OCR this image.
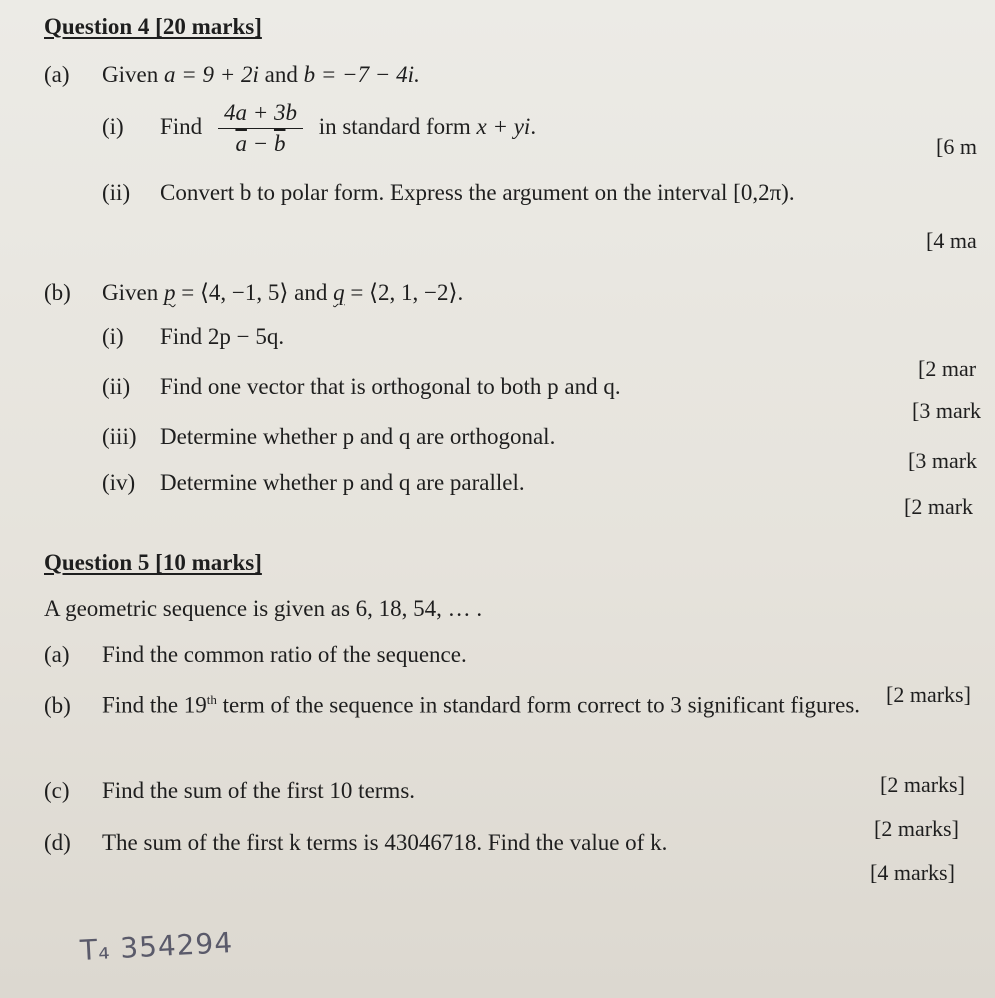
Question 4 [20 marks]
(a) Given a = 9 + 2i and b = −7 − 4i.
(i) Find $\frac{4a + 3b}{\overline{a} - \overline{b}}$ in standard form x + yi.
[6 m
(ii) Convert b to polar form. Express the argument on the interval [0,2π).
[4 ma
(b) Given p = ⟨4, −1, 5⟩ and q = ⟨2, 1, −2⟩.
(i) Find 2p − 5q.
[2 mar
(ii) Find one vector that is orthogonal to both p and q.
[3 mark
(iii) Determine whether p and q are orthogonal.
[3 mark
(iv) Determine whether p and q are parallel.
[2 mark
Question 5 [10 marks]
A geometric sequence is given as 6, 18, 54, … .
(a) Find the common ratio of the sequence.
[2 marks]
(b) Find the 19th term of the sequence in standard form correct to 3 significant figures.
[2 marks]
(c) Find the sum of the first 10 terms.
[2 marks]
(d) The sum of the first k terms is 43046718. Find the value of k.
[4 marks]
T₄ 354294
